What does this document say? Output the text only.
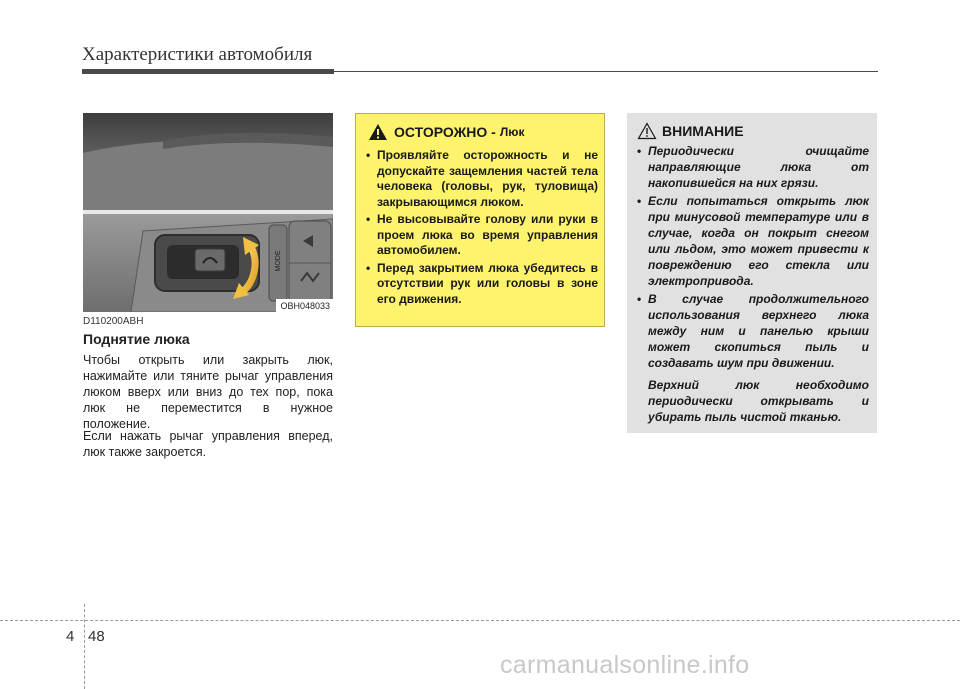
Характеристики автомобиля
MODE
OBH048033
D110200ABH
Поднятие люка

Чтобы открыть или закрыть люк, нажимайте или тяните рычаг управления люком вверх или вниз до тех пор, пока люк не переместится в нужное положение.

Если нажать рычаг управления вперед, люк также закроется.

ОСТОРОЖНО - Люк
• Проявляйте осторожность и не допускайте защемления частей тела человека (головы, рук, туловища) закрывающимся люком.
• Не высовывайте голову или руки в проем люка во время управления автомобилем.
• Перед закрытием люка убедитесь в отсутствии рук или головы в зоне его движения.
ВНИМАНИЕ
• Периодически очищайте направляющие люка от накопившейся на них грязи.
• Если попытаться открыть люк при минусовой температуре или в случае, когда он покрыт снегом или льдом, это может привести к повреждению его стекла или электропривода.
• В случае продолжительного использования верхнего люка между ним и панелью крыши может скопиться пыль и создавать шум при движении.
Верхний люк необходимо периодически открывать и убирать пыль чистой тканью.
4 48
carmanualsonline.info
